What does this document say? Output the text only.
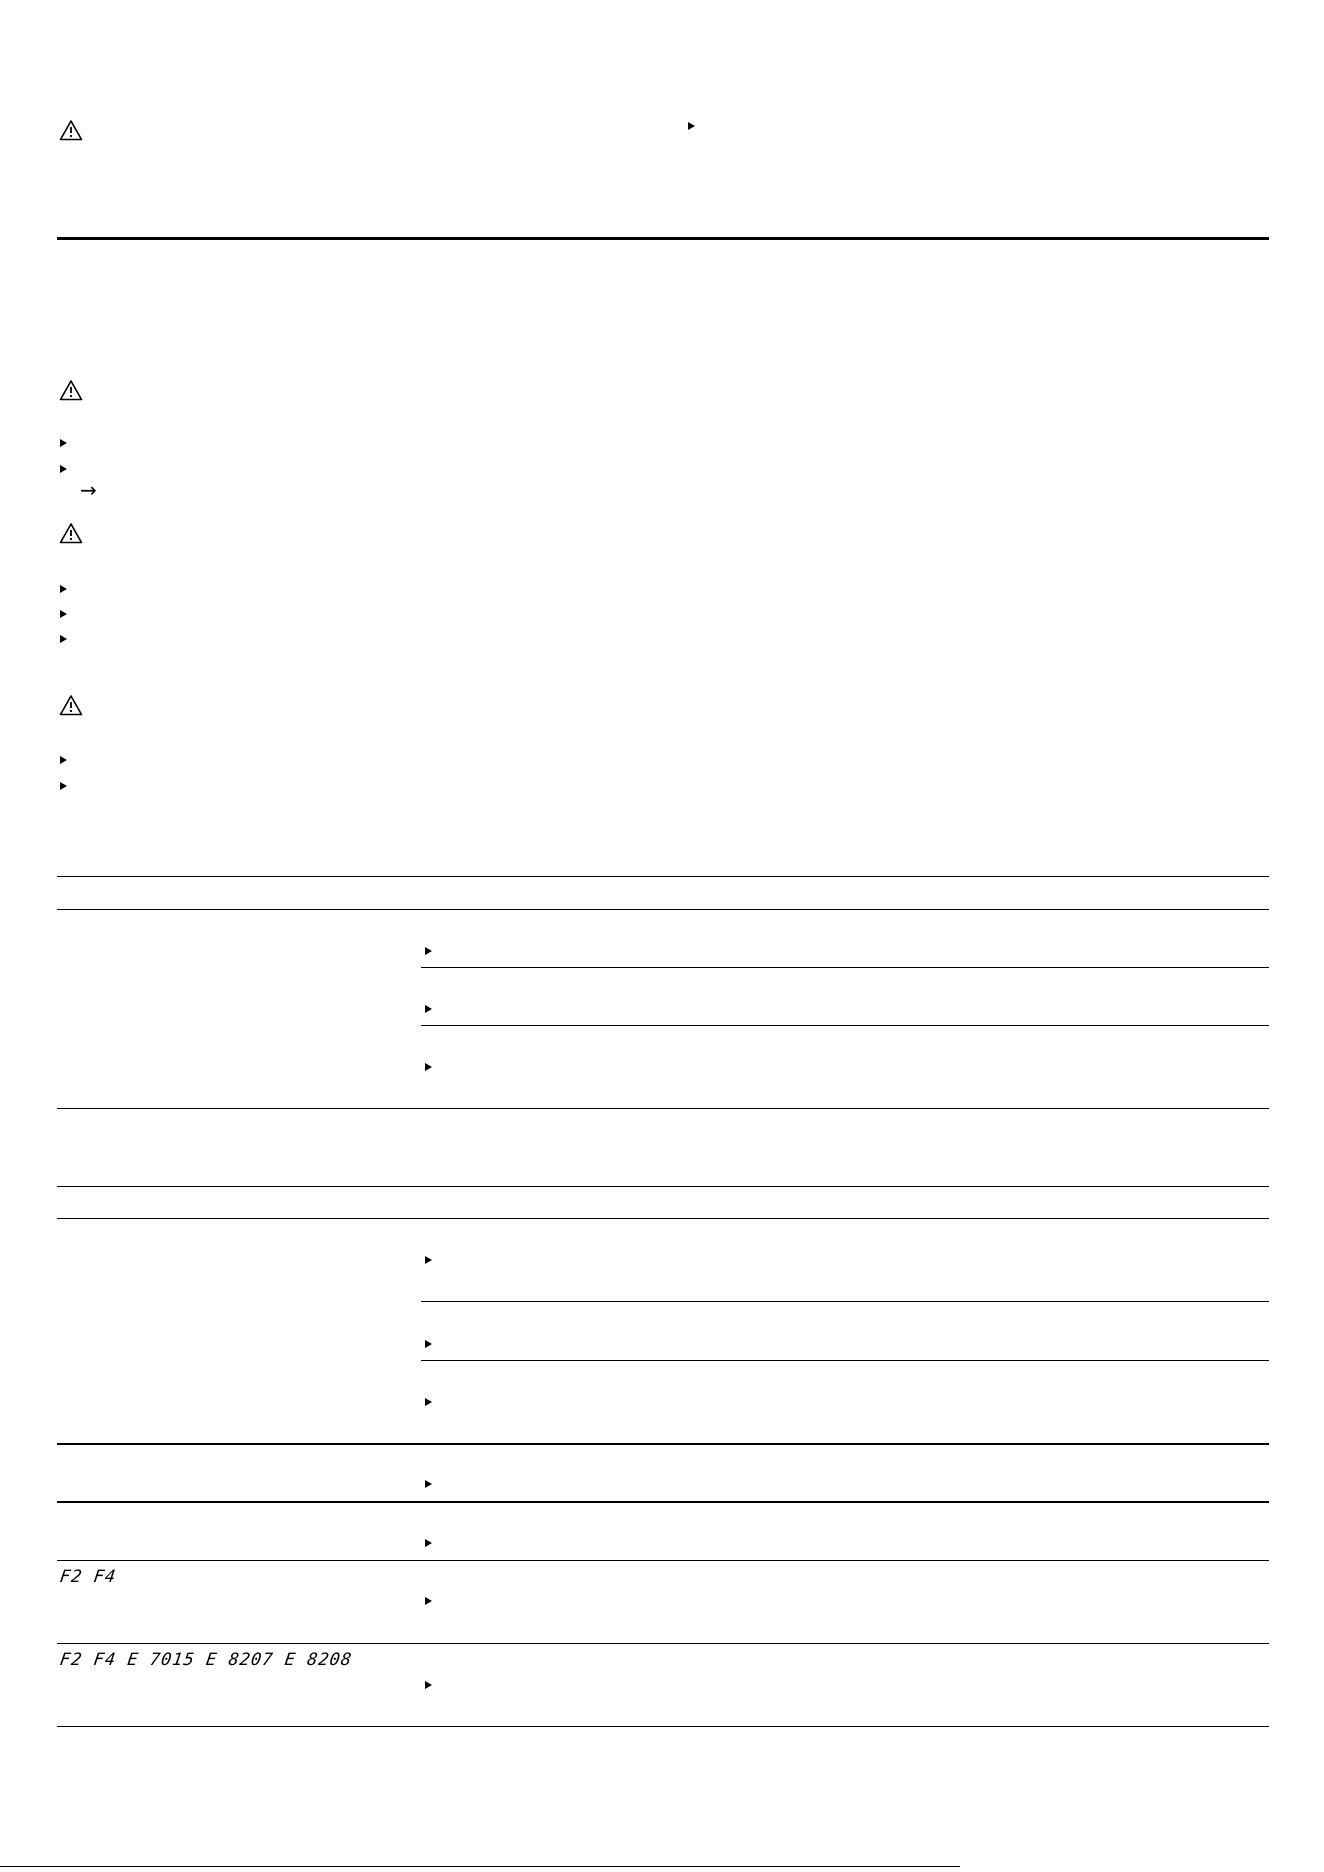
→
F2 F4
F2 F4 E 7015 E 8207 E 8208
